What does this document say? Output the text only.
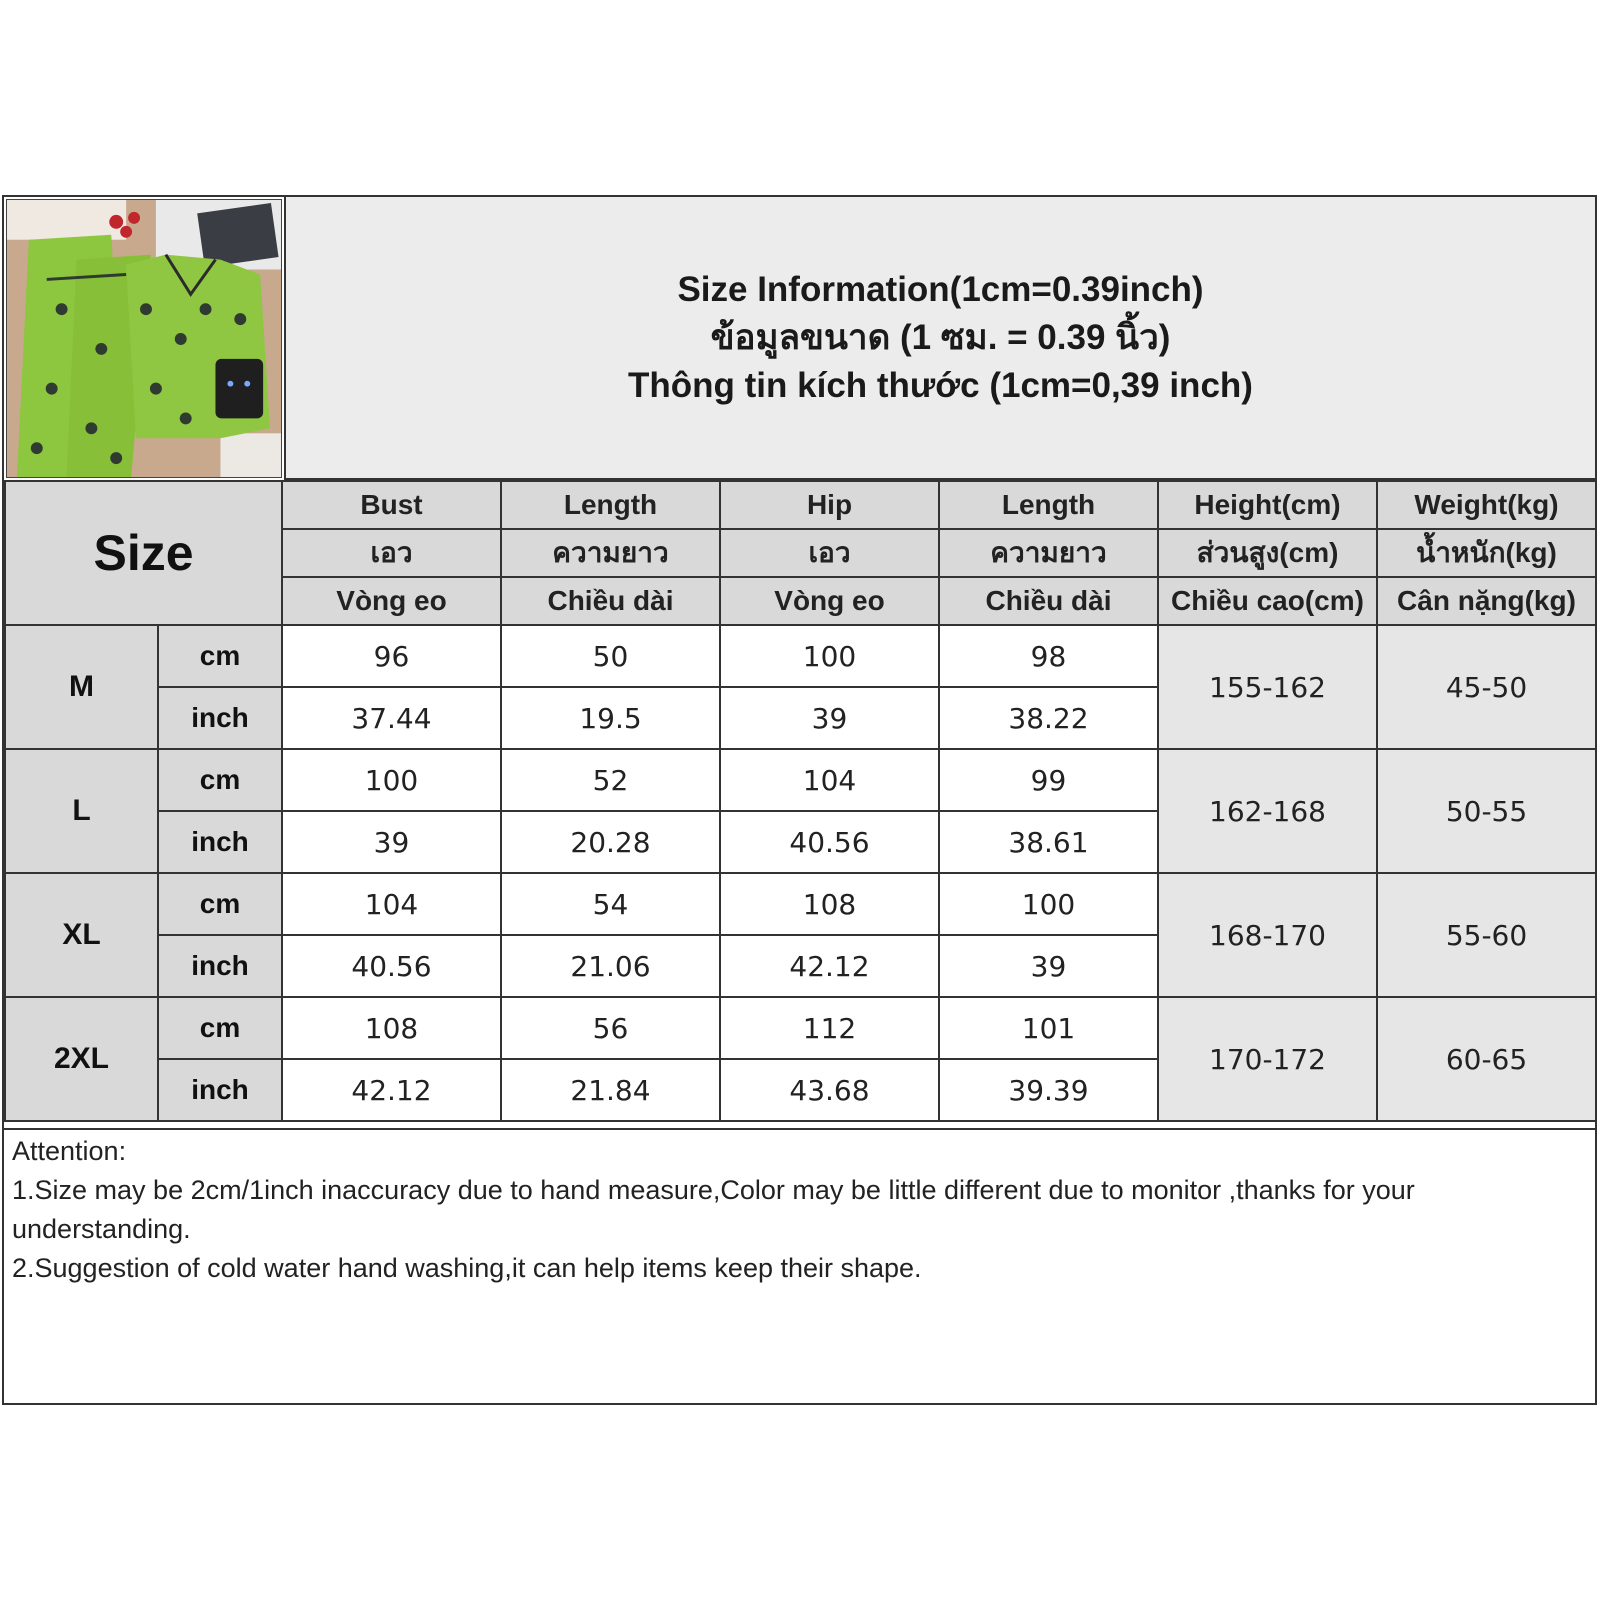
Size Information(1cm=0.39inch)
ข้อมูลขนาด (1 ซม. = 0.39 นิ้ว)
Thông tin kích thước (1cm=0,39 inch)
Size		Bust	Length	Hip	Length	Height(cm)	Weight(kg)
		เอว	ความยาว	เอว	ความยาว	ส่วนสูง(cm)	น้ำหนัก(kg)
		Vòng eo	Chiều dài	Vòng eo	Chiều dài	Chiều cao(cm)	Cân nặng(kg)
M	cm	96	50	100	98	155-162	45-50
	inch	37.44	19.5	39	38.22		
L	cm	100	52	104	99	162-168	50-55
	inch	39	20.28	40.56	38.61		
XL	cm	104	54	108	100	168-170	55-60
	inch	40.56	21.06	42.12	39		
2XL	cm	108	56	112	101	170-172	60-65
	inch	42.12	21.84	43.68	39.39		
Attention:
1.Size may be 2cm/1inch inaccuracy due to hand measure,Color may be little different due to monitor ,thanks for your understanding.
2.Suggestion of cold water hand washing,it can help items keep their shape.
